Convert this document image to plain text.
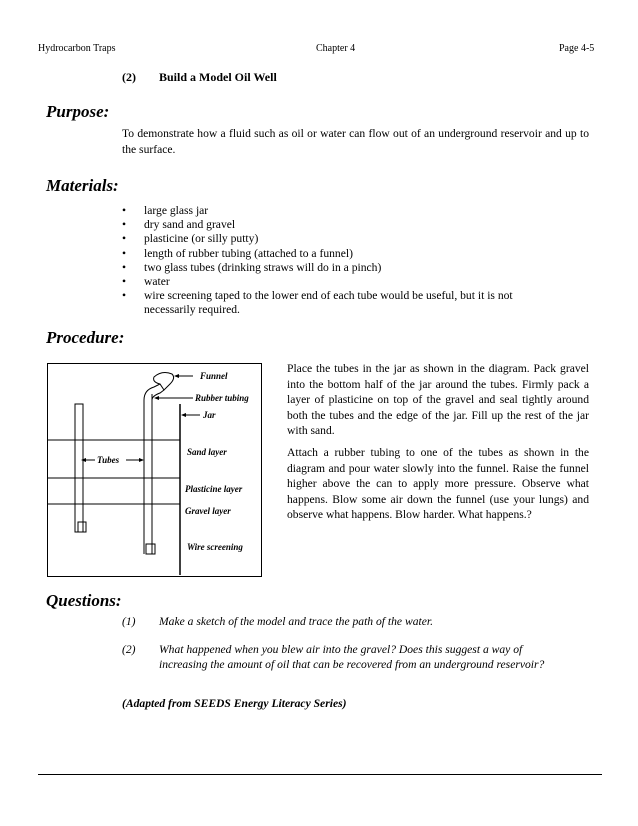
Hydrocarbon Traps	Chapter 4	Page 4-5
(2) Build a Model Oil Well
Purpose:
To demonstrate how a fluid such as oil or water can flow out of an underground reservoir and up to the surface.
Materials:
• large glass jar
• dry sand and gravel
• plasticine (or silly putty)
• length of rubber tubing (attached to a funnel)
• two glass tubes (drinking straws will do in a pinch)
• water
• wire screening taped to the lower end of each tube would be useful, but it is not necessarily required.
Procedure:
Funnel
Rubber tubing
Jar
Sand layer
Tubes
Plasticine layer
Gravel layer
Wire screening
Place the tubes in the jar as shown in the diagram. Pack gravel into the bottom half of the jar around the tubes. Firmly pack a layer of plasticine on top of the gravel and seal tightly around both the tubes and the edge of the jar. Fill up the rest of the jar with sand.
Attach a rubber tubing to one of the tubes as shown in the diagram and pour water slowly into the funnel. Raise the funnel higher above the can to apply more pressure. Observe what happens. Blow some air down the funnel (use your lungs) and observe what happens. Blow harder. What happens.?
Questions:
(1) Make a sketch of the model and trace the path of the water.
(2) What happened when you blew air into the gravel? Does this suggest a way of increasing the amount of oil that can be recovered from an underground reservoir?
(Adapted from SEEDS Energy Literacy Series)
